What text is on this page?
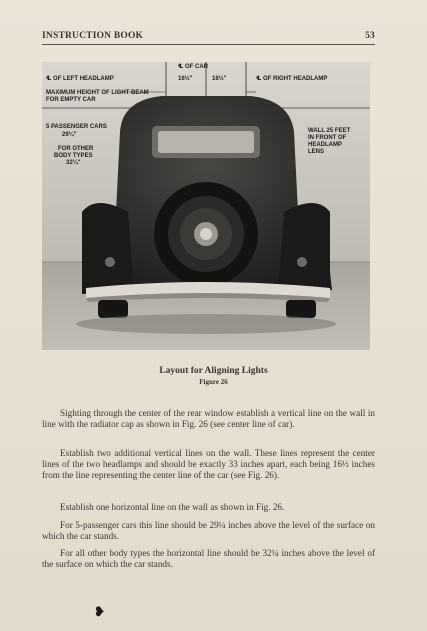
INSTRUCTION BOOK	53
℄ OF CAR
℄ OF LEFT HEADLAMP	16½"	16½"	℄ OF RIGHT HEADLAMP
MAXIMUM HEIGHT OF LIGHT BEAM
FOR EMPTY CAR
5 PASSENGER CARS
29¼"
FOR OTHER
BODY TYPES
32¼"
WALL 25 FEET
IN FRONT OF
HEADLAMP
LENS
Layout for Aligning Lights
Figure 26

Sighting through the center of the rear window establish a vertical line on the wall in line with the radiator cap as shown in Fig. 26 (see center line of car).

Establish two additional vertical lines on the wall. These lines represent the center lines of the two headlamps and should be exactly 33 inches apart, each being 16½ inches from the line representing the center line of the car (see Fig. 26).

Establish one horizontal line on the wall as shown in Fig. 26.

For 5-passenger cars this line should be 29¼ inches above the level of the surface on which the car stands.

For all other body types the horizontal line should be 32¼ inches above the level of the surface on which the car stands.

❥
